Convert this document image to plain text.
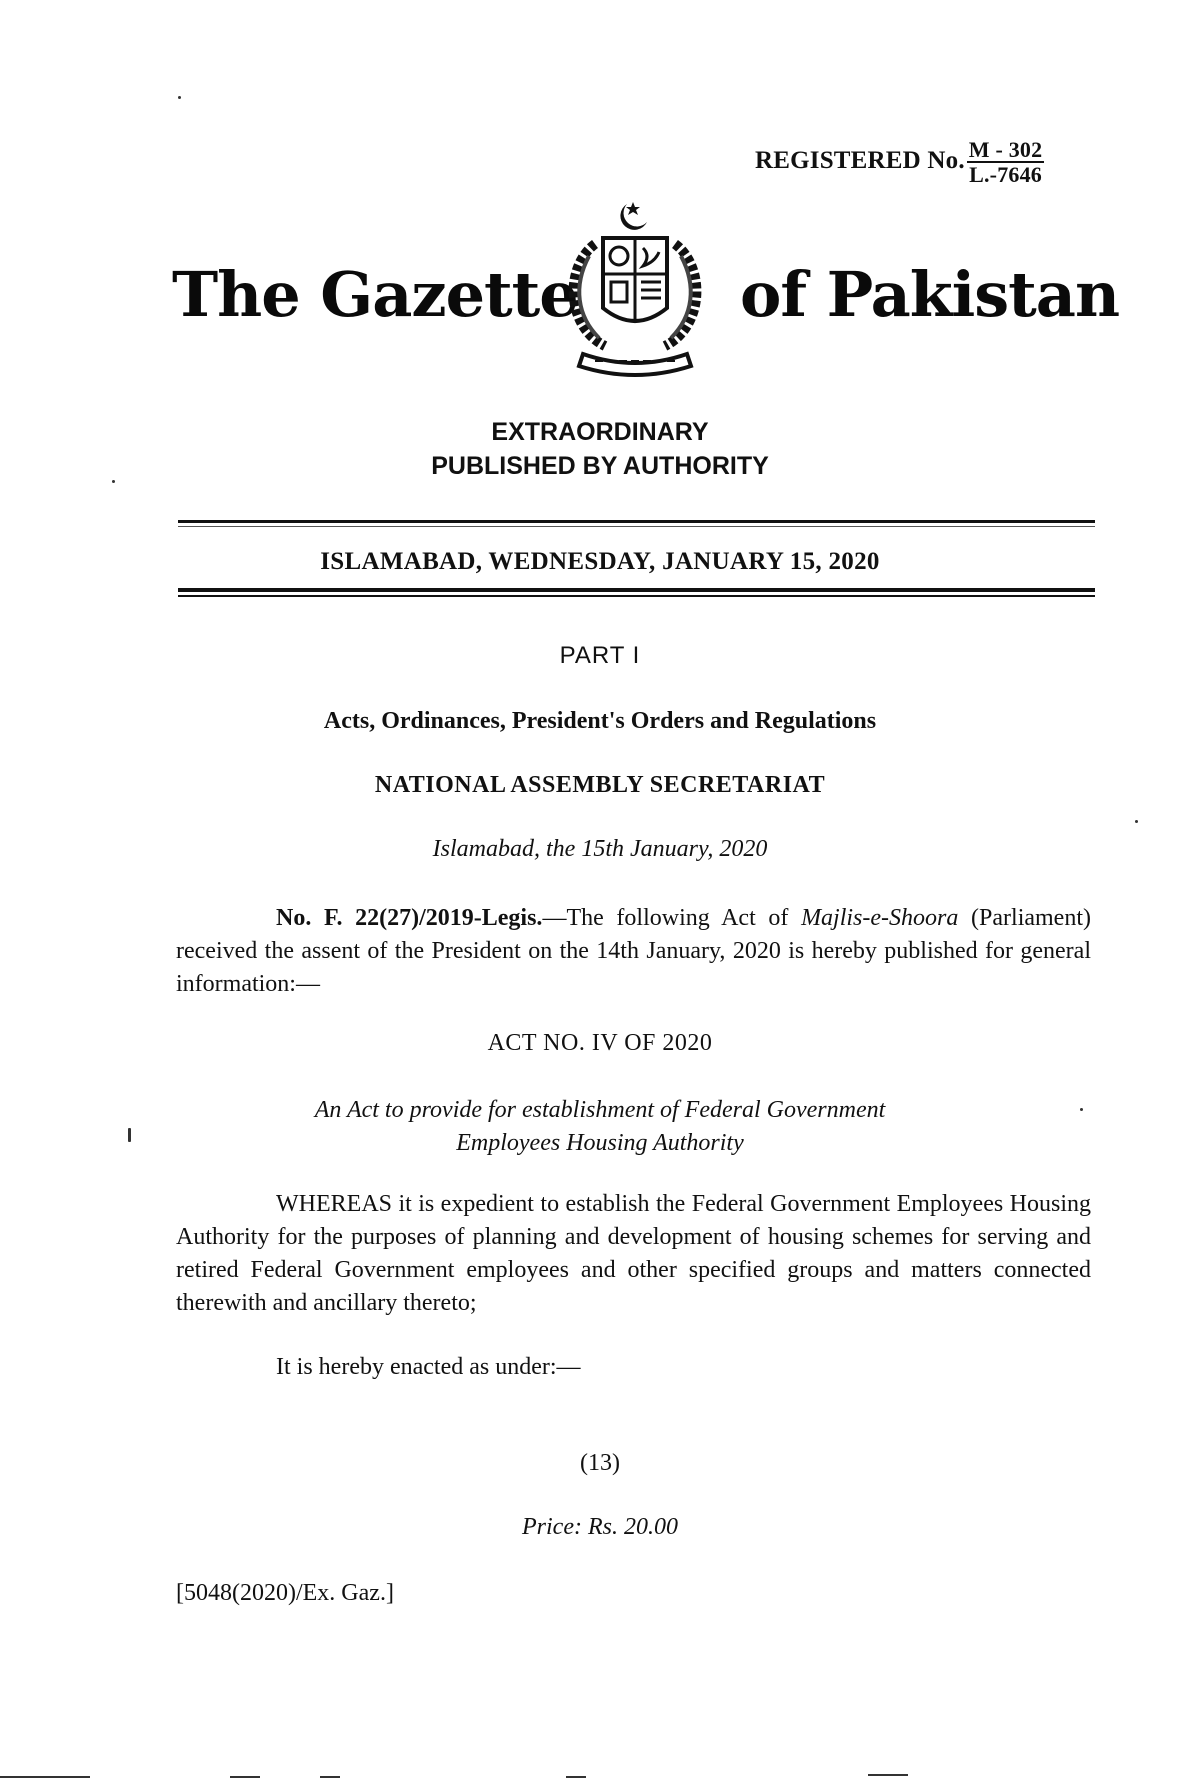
REGISTERED No. $\frac{M - 302}{L.-7646}$
The Gazette	of Pakistan
EXTRAORDINARY
PUBLISHED BY AUTHORITY
ISLAMABAD, WEDNESDAY, JANUARY 15, 2020
PART I
Acts, Ordinances, President's Orders and Regulations
NATIONAL ASSEMBLY SECRETARIAT
Islamabad, the 15th January, 2020
No. F. 22(27)/2019-Legis.—The following Act of Majlis-e-Shoora (Parliament) received the assent of the President on the 14th January, 2020 is hereby published for general information:—
ACT NO. IV OF 2020
An Act to provide for establishment of Federal Government
Employees Housing Authority
WHEREAS it is expedient to establish the Federal Government Employees Housing Authority for the purposes of planning and development of housing schemes for serving and retired Federal Government employees and other specified groups and matters connected therewith and ancillary thereto;
It is hereby enacted as under:—
(13)
Price: Rs. 20.00
[5048(2020)/Ex. Gaz.]
